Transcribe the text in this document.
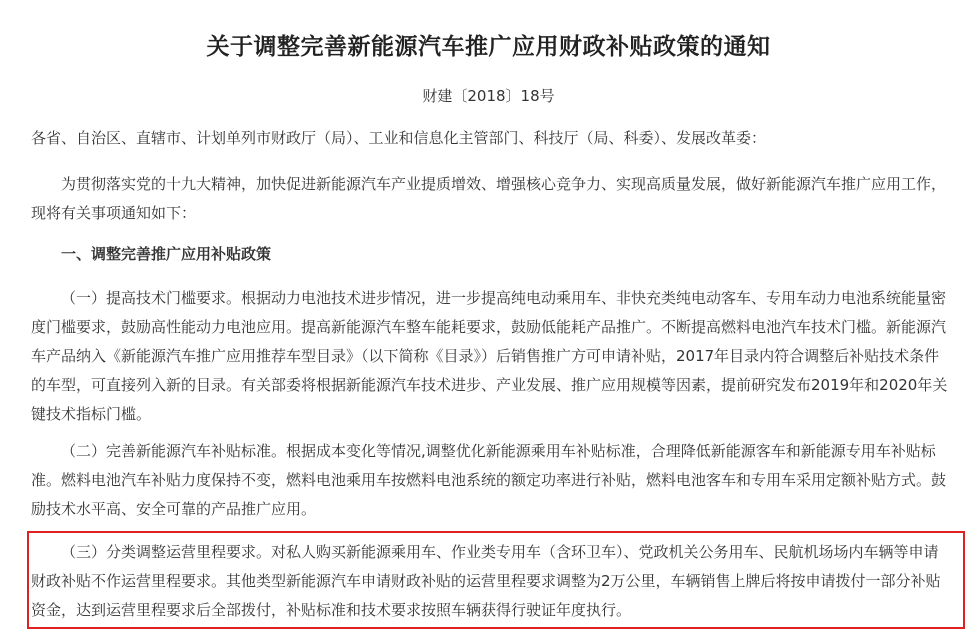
关于调整完善新能源汽车推广应用财政补贴政策的通知
财建〔2018〕18号

各省、自治区、直辖市、计划单列市财政厅（局）、工业和信息化主管部门、科技厅（局、科委）、发展改革委：

为贯彻落实党的十九大精神，加快促进新能源汽车产业提质增效、增强核心竞争力、实现高质量发展，做好新能源汽车推广应用工作，现将有关事项通知如下：

一、调整完善推广应用补贴政策

（一）提高技术门槛要求。根据动力电池技术进步情况，进一步提高纯电动乘用车、非快充类纯电动客车、专用车动力电池系统能量密度门槛要求，鼓励高性能动力电池应用。提高新能源汽车整车能耗要求，鼓励低能耗产品推广。不断提高燃料电池汽车技术门槛。新能源汽车产品纳入《新能源汽车推广应用推荐车型目录》（以下简称《目录》）后销售推广方可申请补贴，2017年目录内符合调整后补贴技术条件的车型，可直接列入新的目录。有关部委将根据新能源汽车技术进步、产业发展、推广应用规模等因素，提前研究发布2019年和2020年关键技术指标门槛。

（二）完善新能源汽车补贴标准。根据成本变化等情况,调整优化新能源乘用车补贴标准，合理降低新能源客车和新能源专用车补贴标准。燃料电池汽车补贴力度保持不变，燃料电池乘用车按燃料电池系统的额定功率进行补贴，燃料电池客车和专用车采用定额补贴方式。鼓励技术水平高、安全可靠的产品推广应用。

（三）分类调整运营里程要求。对私人购买新能源乘用车、作业类专用车（含环卫车）、党政机关公务用车、民航机场场内车辆等申请财政补贴不作运营里程要求。其他类型新能源汽车申请财政补贴的运营里程要求调整为2万公里，车辆销售上牌后将按申请拨付一部分补贴资金，达到运营里程要求后全部拨付，补贴标准和技术要求按照车辆获得行驶证年度执行。
